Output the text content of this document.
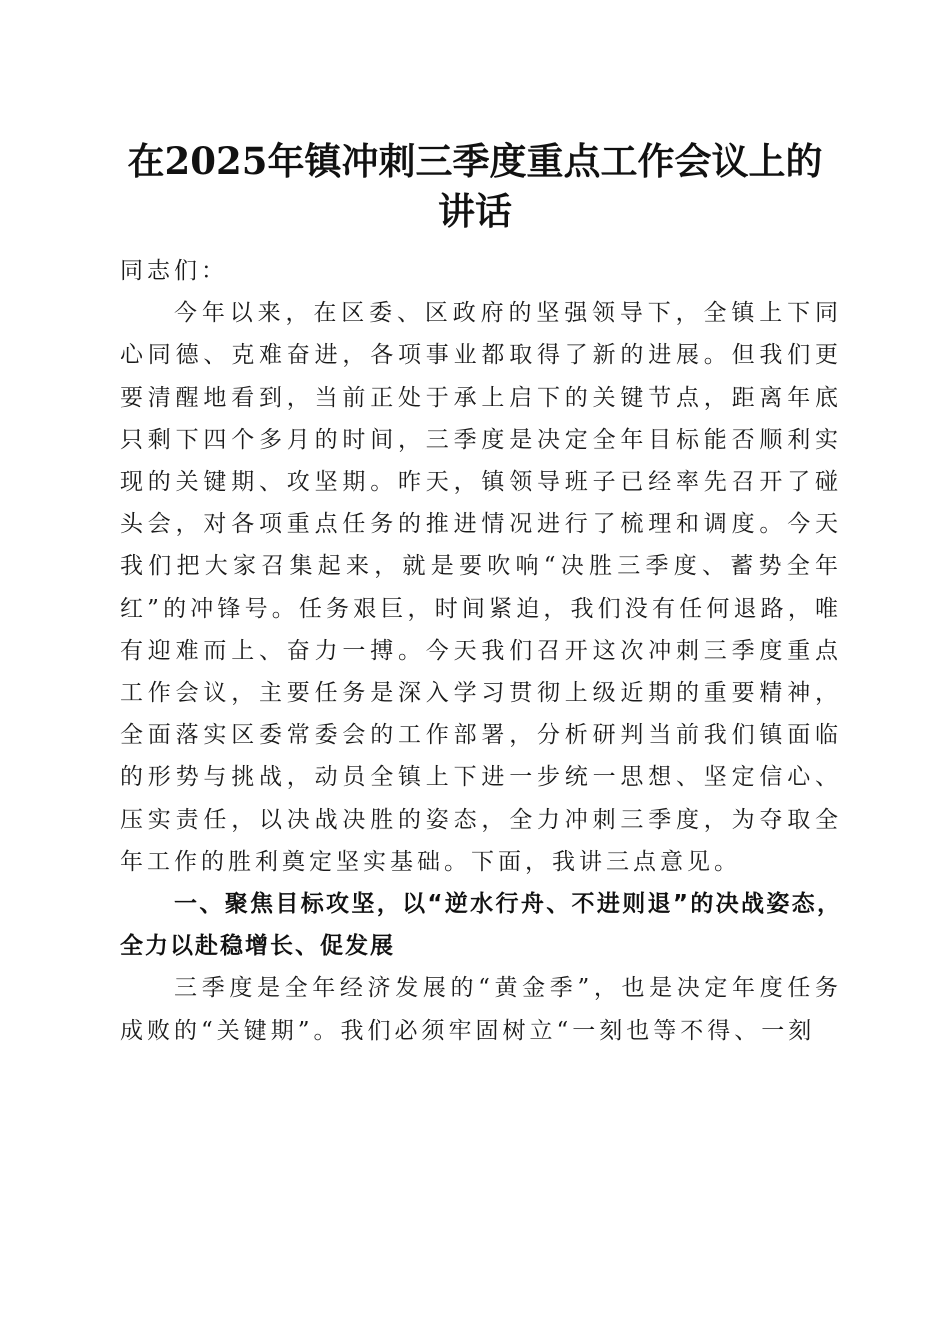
在2025年镇冲刺三季度重点工作会议上的讲话

同志们：

今年以来，在区委、区政府的坚强领导下，全镇上下同心同德、克难奋进，各项事业都取得了新的进展。但我们更要清醒地看到，当前正处于承上启下的关键节点，距离年底只剩下四个多月的时间，三季度是决定全年目标能否顺利实现的关键期、攻坚期。昨天，镇领导班子已经率先召开了碰头会，对各项重点任务的推进情况进行了梳理和调度。今天我们把大家召集起来，就是要吹响“决胜三季度、蓄势全年红”的冲锋号。任务艰巨，时间紧迫，我们没有任何退路，唯有迎难而上、奋力一搏。今天我们召开这次冲刺三季度重点工作会议，主要任务是深入学习贯彻上级近期的重要精神，全面落实区委常委会的工作部署，分析研判当前我们镇面临的形势与挑战，动员全镇上下进一步统一思想、坚定信心、压实责任，以决战决胜的姿态，全力冲刺三季度，为夺取全年工作的胜利奠定坚实基础。下面，我讲三点意见。

一、聚焦目标攻坚，以“逆水行舟、不进则退”的决战姿态，全力以赴稳增长、促发展

三季度是全年经济发展的“黄金季”，也是决定年度任务成败的“关键期”。我们必须牢固树立“一刻也等不得、一刻
